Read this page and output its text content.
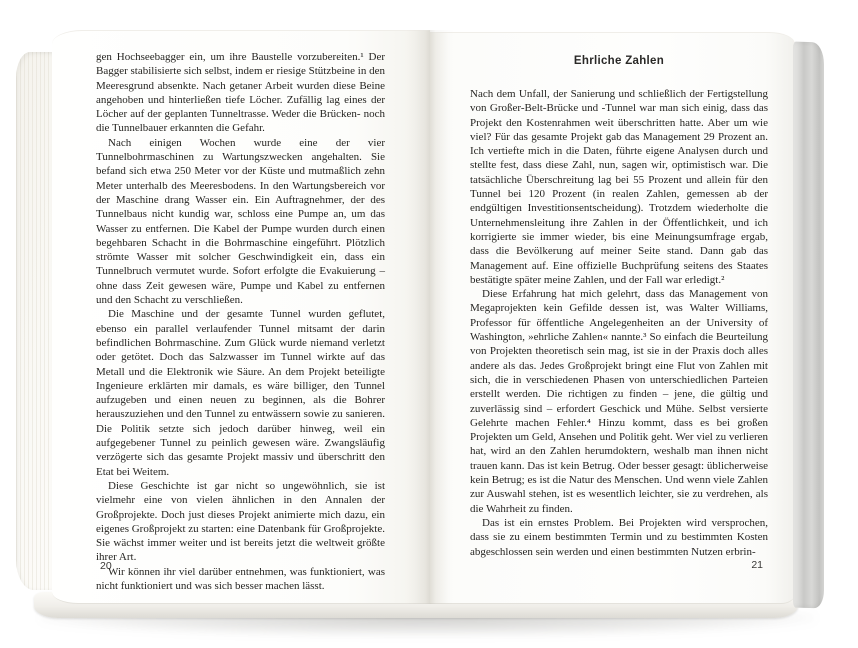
gen Hochseebagger ein, um ihre Baustelle vorzubereiten.¹ Der Bagger stabilisierte sich selbst, indem er riesige Stützbeine in den Meeresgrund absenkte. Nach getaner Arbeit wurden diese Beine angehoben und hinterließen tiefe Löcher. Zufällig lag eines der Löcher auf der geplanten Tunneltrasse. Weder die Brücken- noch die Tunnelbauer erkannten die Gefahr.

Nach einigen Wochen wurde eine der vier Tunnelbohrmaschinen zu Wartungszwecken angehalten. Sie befand sich etwa 250 Meter vor der Küste und mutmaßlich zehn Meter unterhalb des Meeresbodens. In den Wartungsbereich vor der Maschine drang Wasser ein. Ein Auftragnehmer, der des Tunnelbaus nicht kundig war, schloss eine Pumpe an, um das Wasser zu entfernen. Die Kabel der Pumpe wurden durch einen begehbaren Schacht in die Bohrmaschine eingeführt. Plötzlich strömte Wasser mit solcher Geschwindigkeit ein, dass ein Tunnelbruch vermutet wurde. Sofort erfolgte die Evakuierung – ohne dass Zeit gewesen wäre, Pumpe und Kabel zu entfernen und den Schacht zu verschließen.

Die Maschine und der gesamte Tunnel wurden geflutet, ebenso ein parallel verlaufender Tunnel mitsamt der darin befindlichen Bohrmaschine. Zum Glück wurde niemand verletzt oder getötet. Doch das Salzwasser im Tunnel wirkte auf das Metall und die Elektronik wie Säure. An dem Projekt beteiligte Ingenieure erklärten mir damals, es wäre billiger, den Tunnel aufzugeben und einen neuen zu beginnen, als die Bohrer herauszuziehen und den Tunnel zu entwässern sowie zu sanieren. Die Politik setzte sich jedoch darüber hinweg, weil ein aufgegebener Tunnel zu peinlich gewesen wäre. Zwangsläufig verzögerte sich das gesamte Projekt massiv und überschritt den Etat bei Weitem.

Diese Geschichte ist gar nicht so ungewöhnlich, sie ist vielmehr eine von vielen ähnlichen in den Annalen der Großprojekte. Doch just dieses Projekt animierte mich dazu, ein eigenes Großprojekt zu starten: eine Datenbank für Großprojekte. Sie wächst immer weiter und ist bereits jetzt die weltweit größte ihrer Art.

Wir können ihr viel darüber entnehmen, was funktioniert, was nicht funktioniert und was sich besser machen lässt.

20
Ehrliche Zahlen

Nach dem Unfall, der Sanierung und schließlich der Fertigstellung von Großer-Belt-Brücke und -Tunnel war man sich einig, dass das Projekt den Kostenrahmen weit überschritten hatte. Aber um wie viel? Für das gesamte Projekt gab das Management 29 Prozent an. Ich vertiefte mich in die Daten, führte eigene Analysen durch und stellte fest, dass diese Zahl, nun, sagen wir, optimistisch war. Die tatsächliche Überschreitung lag bei 55 Prozent und allein für den Tunnel bei 120 Prozent (in realen Zahlen, gemessen ab der endgültigen Investitionsentscheidung). Trotzdem wiederholte die Unternehmensleitung ihre Zahlen in der Öffentlichkeit, und ich korrigierte sie immer wieder, bis eine Meinungsumfrage ergab, dass die Bevölkerung auf meiner Seite stand. Dann gab das Management auf. Eine offizielle Buchprüfung seitens des Staates bestätigte später meine Zahlen, und der Fall war erledigt.²

Diese Erfahrung hat mich gelehrt, dass das Management von Megaprojekten kein Gefilde dessen ist, was Walter Williams, Professor für öffentliche Angelegenheiten an der University of Washington, »ehrliche Zahlen« nannte.³ So einfach die Beurteilung von Projekten theoretisch sein mag, ist sie in der Praxis doch alles andere als das. Jedes Großprojekt bringt eine Flut von Zahlen mit sich, die in verschiedenen Phasen von unterschiedlichen Parteien erstellt werden. Die richtigen zu finden – jene, die gültig und zuverlässig sind – erfordert Geschick und Mühe. Selbst versierte Gelehrte machen Fehler.⁴ Hinzu kommt, dass es bei großen Projekten um Geld, Ansehen und Politik geht. Wer viel zu verlieren hat, wird an den Zahlen herumdoktern, weshalb man ihnen nicht trauen kann. Das ist kein Betrug. Oder besser gesagt: üblicherweise kein Betrug; es ist die Natur des Menschen. Und wenn viele Zahlen zur Auswahl stehen, ist es wesentlich leichter, sie zu verdrehen, als die Wahrheit zu finden.

Das ist ein ernstes Problem. Bei Projekten wird versprochen, dass sie zu einem bestimmten Termin und zu bestimmten Kosten abgeschlossen sein werden und einen bestimmten Nutzen erbrin-

21
